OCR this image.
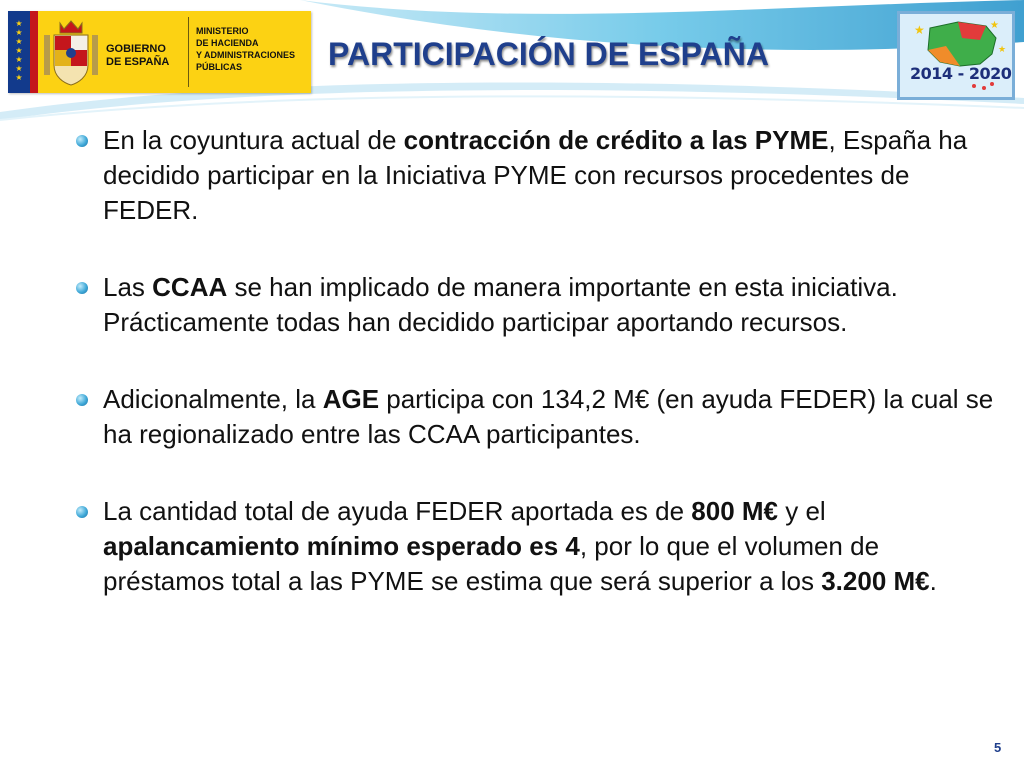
★
★
★
★
★
★
★
GOBIERNO
DE ESPAÑA
MINISTERIO
DE HACIENDA
Y ADMINISTRACIONES
PÚBLICAS	PARTICIPACIÓN DE ESPAÑA
★	★
★
2014 - 2020
En la coyuntura actual de contracción de crédito a las PYME, España ha decidido participar en la Iniciativa PYME con recursos procedentes de FEDER.
Las CCAA se han implicado de manera importante en esta iniciativa. Prácticamente todas han decidido participar aportando recursos.
Adicionalmente, la AGE participa con 134,2 M€ (en ayuda FEDER) la cual se ha regionalizado entre las CCAA participantes.
La cantidad total de ayuda FEDER aportada es de 800 M€ y el apalancamiento mínimo esperado es 4, por lo que el volumen de préstamos total a las PYME se estima que será superior a los 3.200 M€.
5
